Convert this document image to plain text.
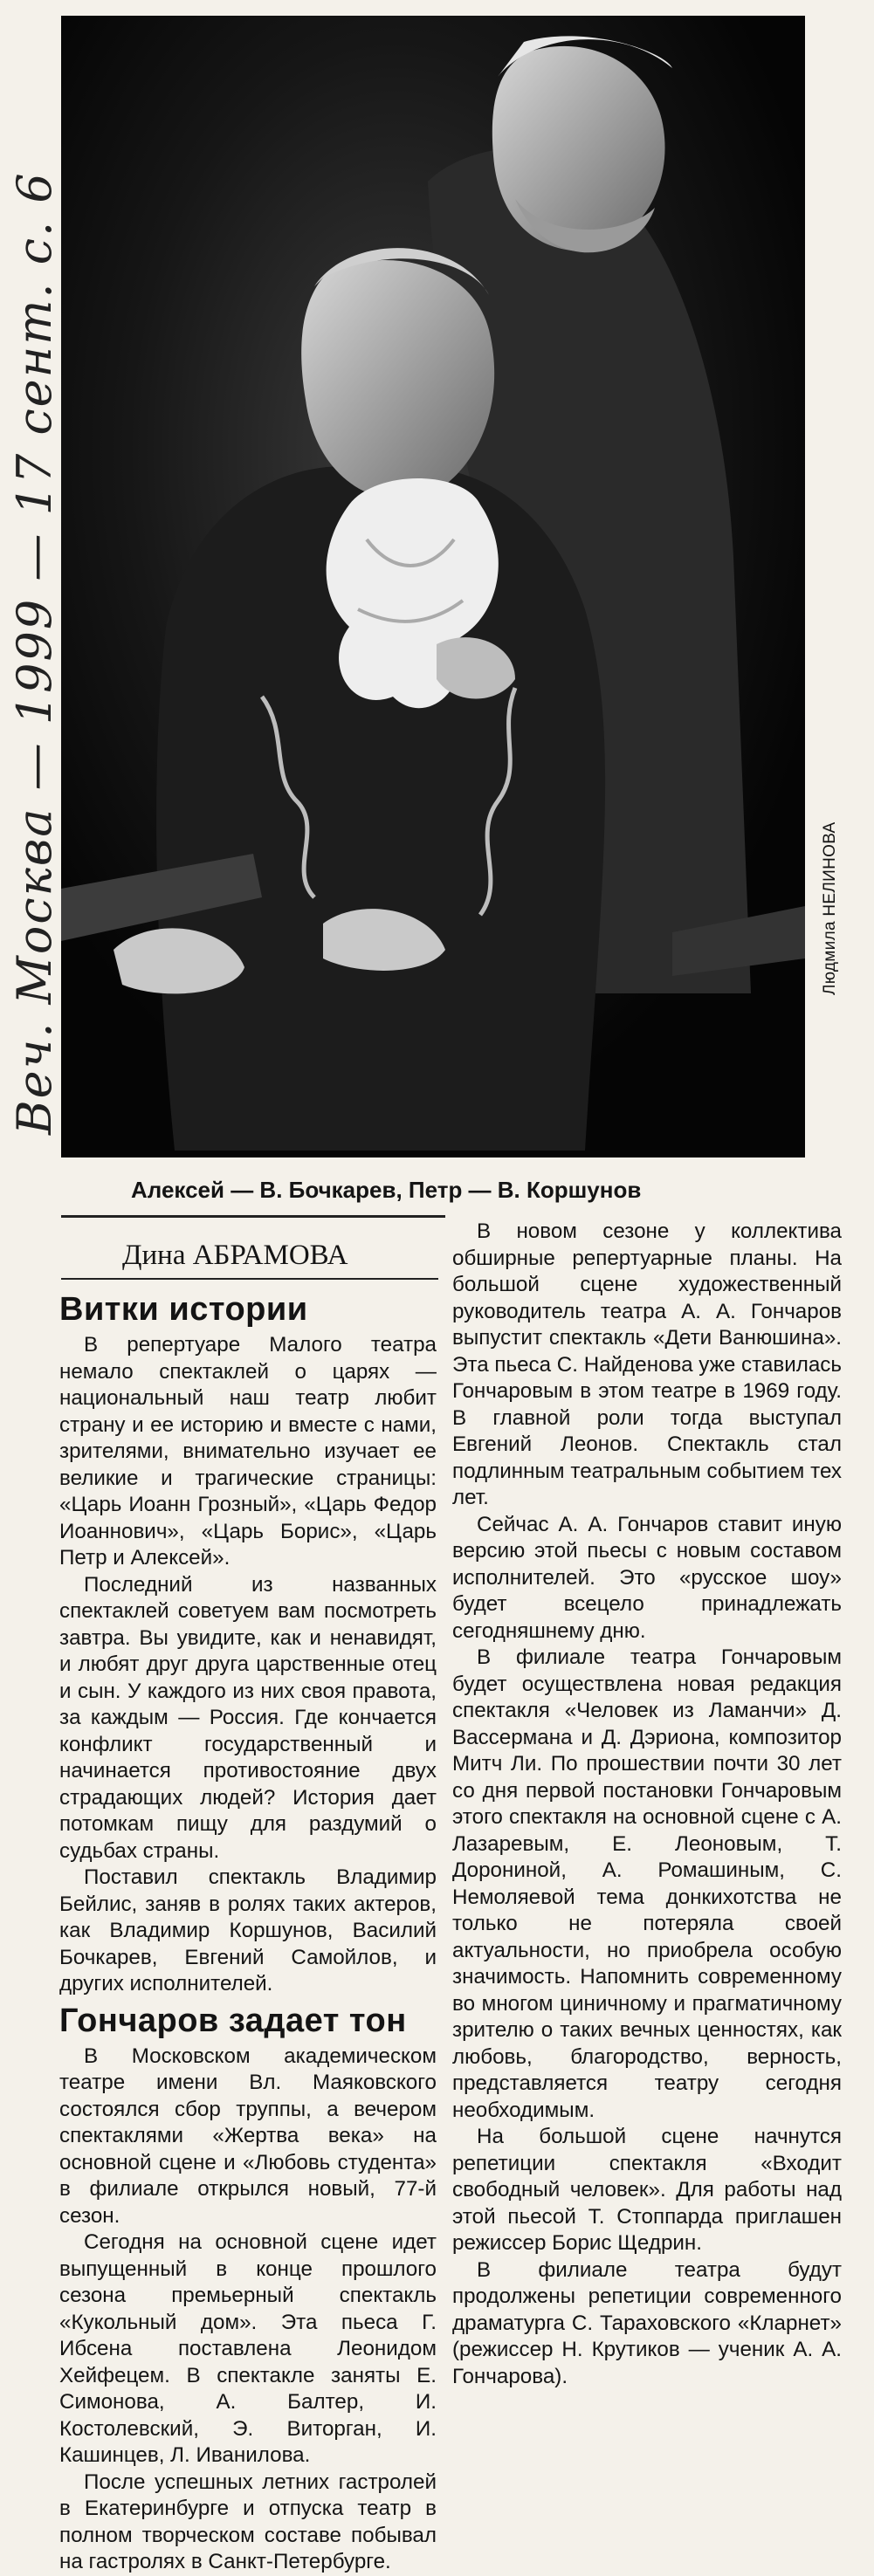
Людмила НЕЛИНОВА
Веч. Москва — 1999 — 17 сент. с. 6
Алексей — В. Бочкарев, Петр — В. Коршунов
Дина АБРАМОВА
Витки истории

В репертуаре Малого театра немало спектаклей о царях — национальный наш театр любит страну и ее историю и вместе с нами, зрителями, внимательно изучает ее великие и трагические страницы: «Царь Иоанн Грозный», «Царь Федор Иоаннович», «Царь Борис», «Царь Петр и Алексей».

Последний из названных спектаклей советуем вам посмотреть завтра. Вы увидите, как и ненавидят, и любят друг друга царственные отец и сын. У каждого из них своя правота, за каждым — Россия. Где кончается конфликт государственный и начинается противостояние двух страдающих людей? История дает потомкам пищу для раздумий о судьбах страны.

Поставил спектакль Владимир Бейлис, заняв в ролях таких актеров, как Владимир Коршунов, Василий Бочкарев, Евгений Самойлов, и других исполнителей.

Гончаров задает тон

В Московском академическом театре имени Вл. Маяковского состоялся сбор труппы, а вечером спектаклями «Жертва века» на основной сцене и «Любовь студента» в филиале открылся новый, 77-й сезон.

Сегодня на основной сцене идет выпущенный в конце прошлого сезона премьерный спектакль «Кукольный дом». Эта пьеса Г. Ибсена поставлена Леонидом Хейфецем. В спектакле заняты Е. Симонова, А. Балтер, И. Костолевский, Э. Виторган, И. Кашинцев, Л. Иванилова.

После успешных летних гастролей в Екатеринбурге и отпуска театр в полном творческом составе побывал на гастролях в Санкт-Петербурге.

В новом сезоне у коллектива обширные репертуарные планы. На большой сцене художественный руководитель театра А. А. Гончаров выпустит спектакль «Дети Ванюшина». Эта пьеса С. Найденова уже ставилась Гончаровым в этом театре в 1969 году. В главной роли тогда выступал Евгений Леонов. Спектакль стал подлинным театральным событием тех лет.

Сейчас А. А. Гончаров ставит иную версию этой пьесы с новым составом исполнителей. Это «русское шоу» будет всецело принадлежать сегодняшнему дню.

В филиале театра Гончаровым будет осуществлена новая редакция спектакля «Человек из Ламанчи» Д. Вассермана и Д. Дэриона, композитор Митч Ли. По прошествии почти 30 лет со дня первой постановки Гончаровым этого спектакля на основной сцене с А. Лазаревым, Е. Леоновым, Т. Дорониной, А. Ромашиным, С. Немоляевой тема донкихотства не только не потеряла своей актуальности, но приобрела особую значимость. Напомнить современному во многом циничному и прагматичному зрителю о таких вечных ценностях, как любовь, благородство, верность, представляется театру сегодня необходимым.

На большой сцене начнутся репетиции спектакля «Входит свободный человек». Для работы над этой пьесой Т. Стоппарда приглашен режиссер Борис Щедрин.

В филиале театра будут продолжены репетиции современного драматурга С. Тараховского «Кларнет» (режиссер Н. Крутиков — ученик А. А. Гончарова).
